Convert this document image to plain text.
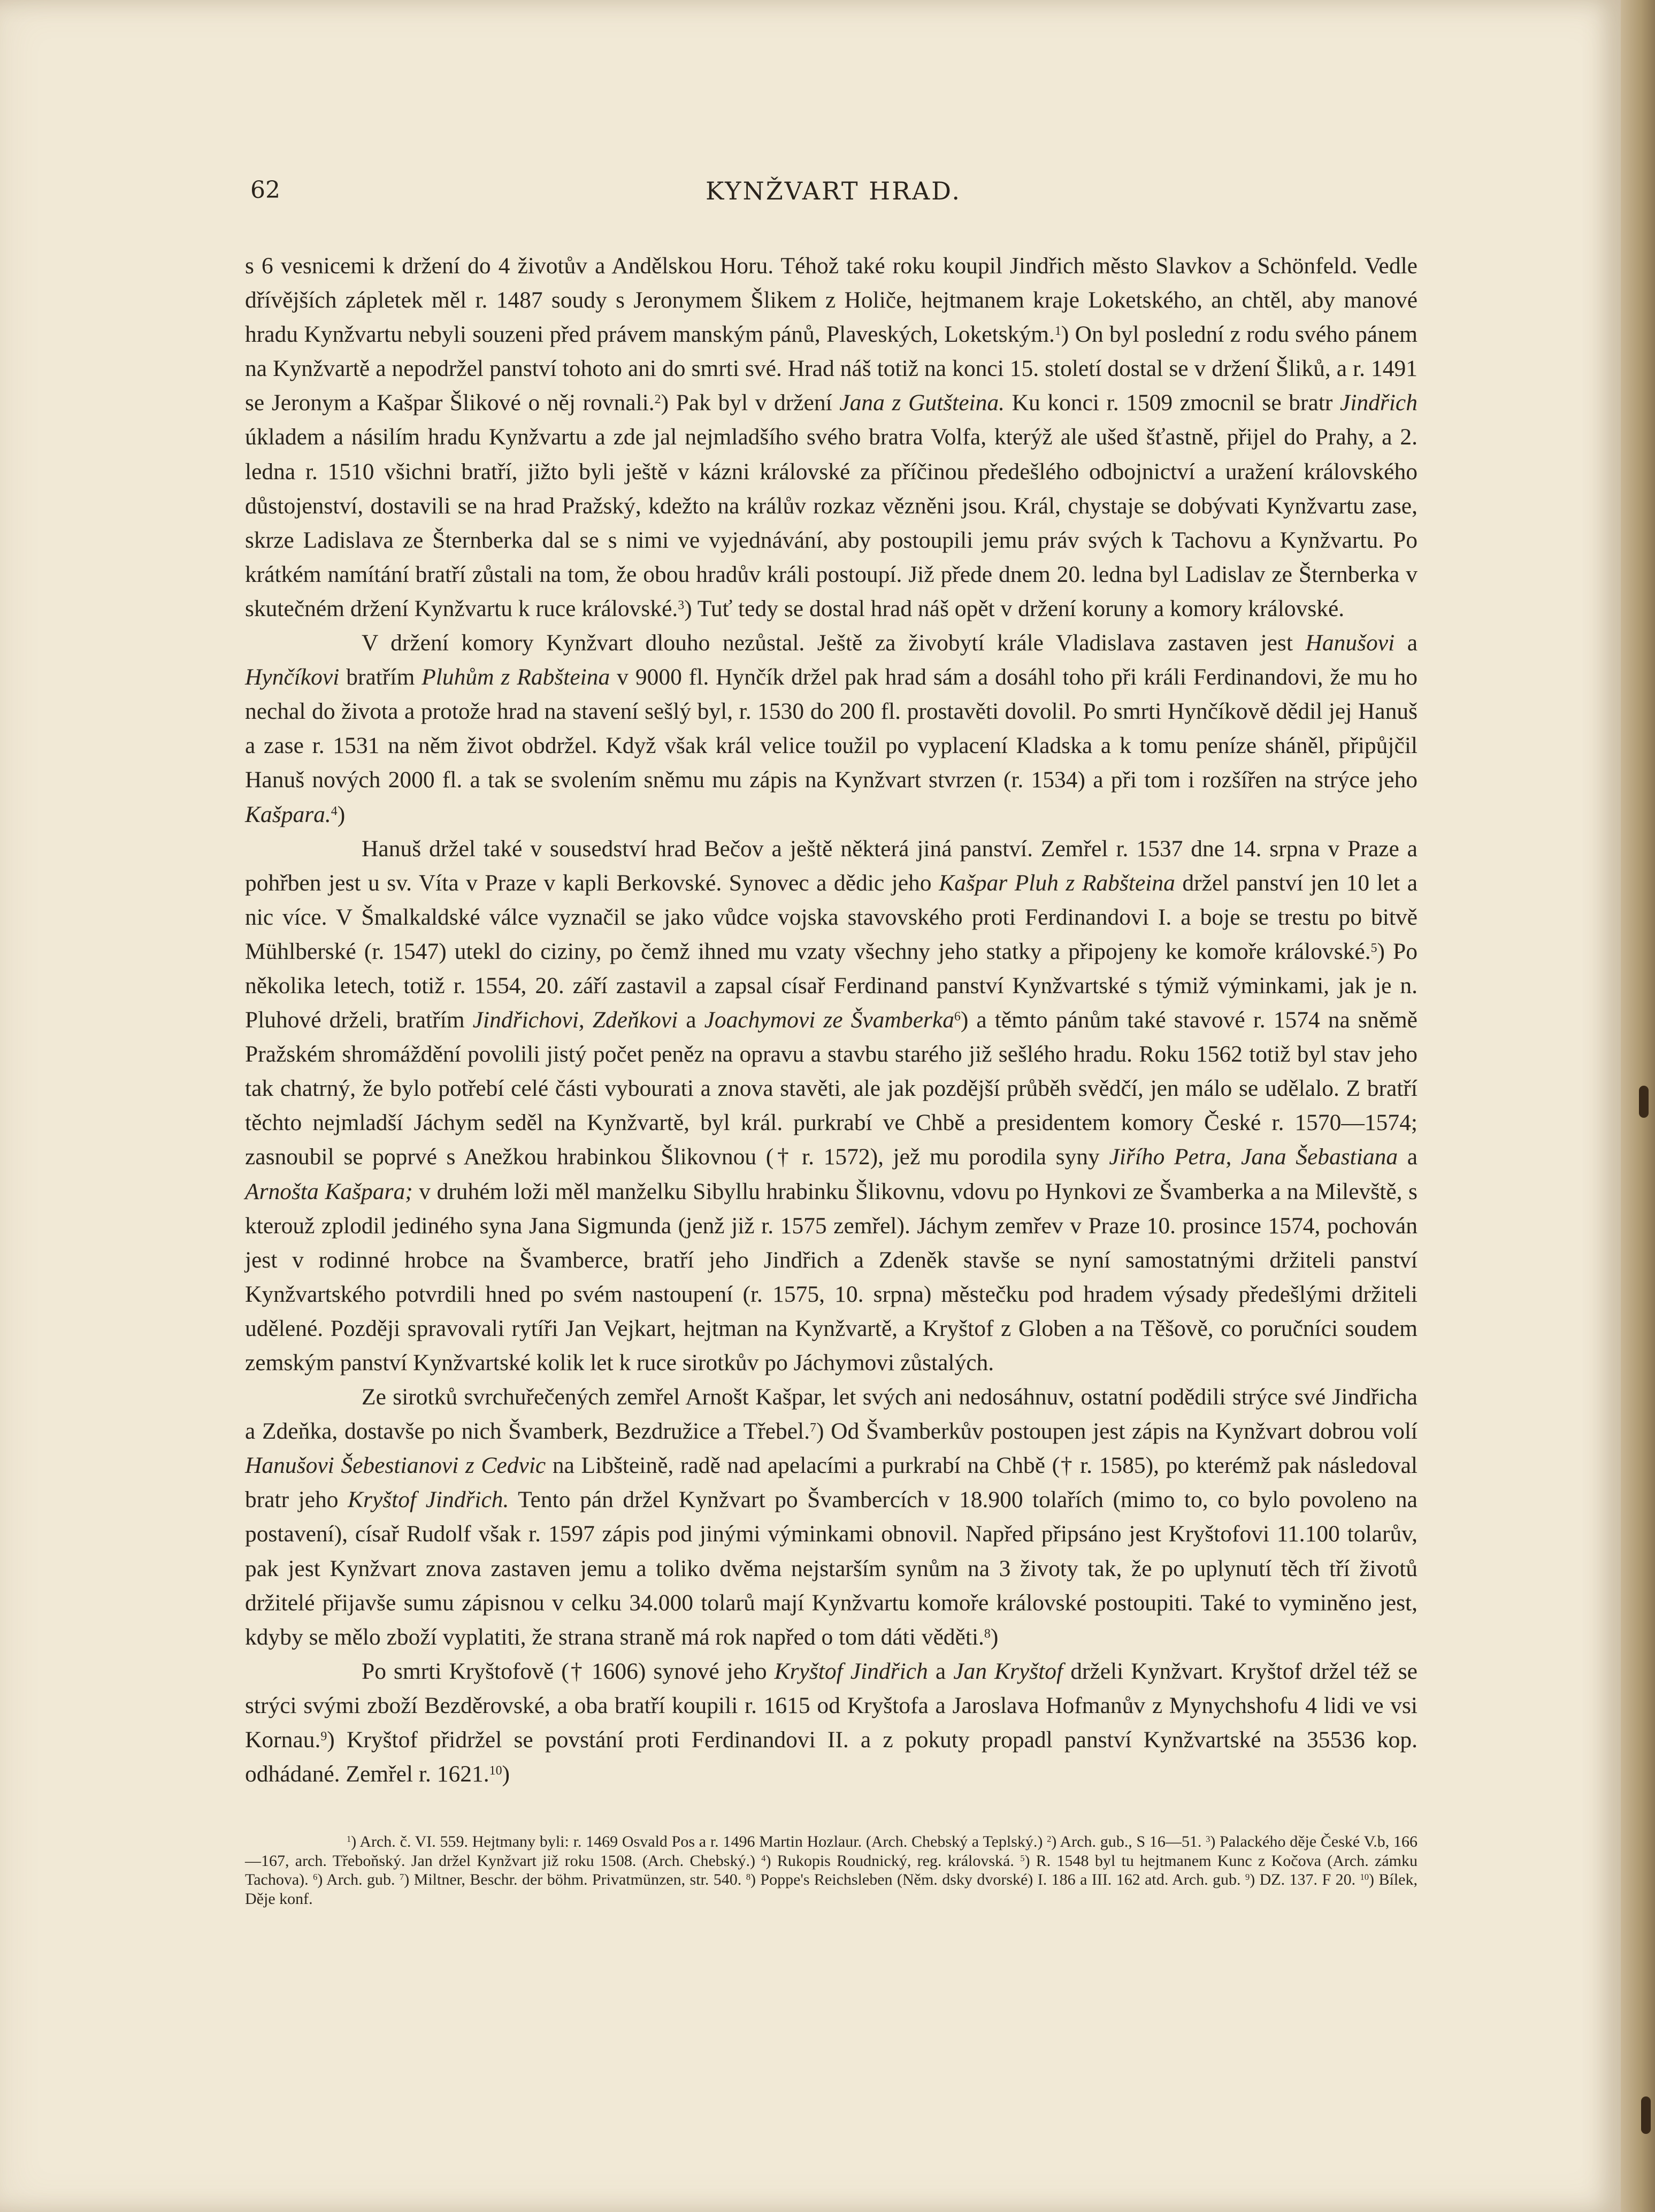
62	KYNŽVART HRAD.

s 6 vesnicemi k držení do 4 životův a Andělskou Horu. Téhož také roku koupil Jindřich město Slavkov a Schönfeld. Vedle dřívějších zápletek měl r. 1487 soudy s Jeronymem Šlikem z Holiče, hejtmanem kraje Loketského, an chtěl, aby manové hradu Kynžvartu nebyli souzeni před právem manským pánů, Plaveských, Loketským.$^1$) On byl poslední z rodu svého pánem na Kynžvartě a nepodržel panství tohoto ani do smrti své. Hrad náš totiž na konci 15. století dostal se v držení Šliků, a r. 1491 se Jeronym a Kašpar Šlikové o něj rovnali.$^2$) Pak byl v držení Jana z Gutšteina. Ku konci r. 1509 zmocnil se bratr Jindřich úkladem a násilím hradu Kynžvartu a zde jal nejmladšího svého bratra Volfa, kterýž ale ušed šťastně, přijel do Prahy, a 2. ledna r. 1510 všichni bratří, jižto byli ještě v kázni královské za příčinou předešlého odbojnictví a uražení královského důstojenství, dostavili se na hrad Pražský, kdežto na králův rozkaz vězněni jsou. Král, chystaje se dobývati Kynžvartu zase, skrze Ladislava ze Šternberka dal se s nimi ve vyjednávání, aby postoupili jemu práv svých k Tachovu a Kynžvartu. Po krátkém namítání bratří zůstali na tom, že obou hradův králi postoupí. Již přede dnem 20. ledna byl Ladislav ze Šternberka v skutečném držení Kynžvartu k ruce královské.$^3$) Tuť tedy se dostal hrad náš opět v držení koruny a komory královské.

V držení komory Kynžvart dlouho nezůstal. Ještě za živobytí krále Vladislava zastaven jest Hanušovi a Hynčíkovi bratřím Pluhům z Rabšteina v 9000 fl. Hynčík držel pak hrad sám a dosáhl toho při králi Ferdinandovi, že mu ho nechal do života a protože hrad na stavení sešlý byl, r. 1530 do 200 fl. prostavěti dovolil. Po smrti Hynčíkově dědil jej Hanuš a zase r. 1531 na něm život obdržel. Když však král velice toužil po vyplacení Kladska a k tomu peníze sháněl, připůjčil Hanuš nových 2000 fl. a tak se svolením sněmu mu zápis na Kynžvart stvrzen (r. 1534) a při tom i rozšířen na strýce jeho Kašpara.$^4$)

Hanuš držel také v sousedství hrad Bečov a ještě některá jiná panství. Zemřel r. 1537 dne 14. srpna v Praze a pohřben jest u sv. Víta v Praze v kapli Berkovské. Synovec a dědic jeho Kašpar Pluh z Rabšteina držel panství jen 10 let a nic více. V Šmalkaldské válce vyznačil se jako vůdce vojska stavovského proti Ferdinandovi I. a boje se trestu po bitvě Mühlberské (r. 1547) utekl do ciziny, po čemž ihned mu vzaty všechny jeho statky a připojeny ke komoře královské.$^5$) Po několika letech, totiž r. 1554, 20. září zastavil a zapsal císař Ferdinand panství Kynžvartské s týmiž výminkami, jak je n. Pluhové drželi, bratřím Jindřichovi, Zdeňkovi a Joachymovi ze Švamberka$^6$) a těmto pánům také stavové r. 1574 na sněmě Pražském shromáždění povolili jistý počet peněz na opravu a stavbu starého již sešlého hradu. Roku 1562 totiž byl stav jeho tak chatrný, že bylo potřebí celé části vybourati a znova stavěti, ale jak pozdější průběh svědčí, jen málo se udělalo. Z bratří těchto nejmladší Jáchym seděl na Kynžvartě, byl král. purkrabí ve Chbě a presidentem komory České r. 1570—1574; zasnoubil se poprvé s Anežkou hrabinkou Šlikovnou († r. 1572), jež mu porodila syny Jiřího Petra, Jana Šebastiana a Arnošta Kašpara; v druhém loži měl manželku Sibyllu hrabinku Šlikovnu, vdovu po Hynkovi ze Švamberka a na Milevště, s kterouž zplodil jediného syna Jana Sigmunda (jenž již r. 1575 zemřel). Jáchym zemřev v Praze 10. prosince 1574, pochován jest v rodinné hrobce na Švamberce, bratří jeho Jindřich a Zdeněk stavše se nyní samostatnými držiteli panství Kynžvartského potvrdili hned po svém nastoupení (r. 1575, 10. srpna) městečku pod hradem výsady předešlými držiteli udělené. Později spravovali rytíři Jan Vejkart, hejtman na Kynžvartě, a Kryštof z Globen a na Těšově, co poručníci soudem zemským panství Kynžvartské kolik let k ruce sirotkův po Jáchymovi zůstalých.

Ze sirotků svrchuřečených zemřel Arnošt Kašpar, let svých ani nedosáhnuv, ostatní podědili strýce své Jindřicha a Zdeňka, dostavše po nich Švamberk, Bezdružice a Třebel.$^7$) Od Švamberkův postoupen jest zápis na Kynžvart dobrou volí Hanušovi Šebestianovi z Cedvic na Libšteině, radě nad apelacími a purkrabí na Chbě († r. 1585), po kterémž pak následoval bratr jeho Kryštof Jindřich. Tento pán držel Kynžvart po Švambercích v 18.900 tolařích (mimo to, co bylo povoleno na postavení), císař Rudolf však r. 1597 zápis pod jinými výminkami obnovil. Napřed připsáno jest Kryštofovi 11.100 tolarův, pak jest Kynžvart znova zastaven jemu a toliko dvěma nejstarším synům na 3 životy tak, že po uplynutí těch tří životů držitelé přijavše sumu zápisnou v celku 34.000 tolarů mají Kynžvartu komoře královské postoupiti. Také to vyminěno jest, kdyby se mělo zboží vyplatiti, že strana straně má rok napřed o tom dáti věděti.$^8$)

Po smrti Kryštofově († 1606) synové jeho Kryštof Jindřich a Jan Kryštof drželi Kynžvart. Kryštof držel též se strýci svými zboží Bezděrovské, a oba bratří koupili r. 1615 od Kryštofa a Jaroslava Hofmanův z Mynychshofu 4 lidi ve vsi Kornau.$^9$) Kryštof přidržel se povstání proti Ferdinandovi II. a z pokuty propadl panství Kynžvartské na 35536 kop. odhádané. Zemřel r. 1621.10)

$^1$) Arch. č. VI. 559. Hejtmany byli: r. 1469 Osvald Pos a r. 1496 Martin Hozlaur. (Arch. Chebský a Teplský.) $^2$) Arch. gub., S 16—51. $^3$) Palackého děje České V.b, 166—167, arch. Třeboňský. Jan držel Kynžvart již roku 1508. (Arch. Chebský.) $^4$) Rukopis Roudnický, reg. královská. $^5$) R. 1548 byl tu hejtmanem Kunc z Kočova (Arch. zámku Tachova). $^6$) Arch. gub. $^7$) Miltner, Beschr. der böhm. Privatmünzen, str. 540. $^8$) Poppe's Reichsleben (Něm. dsky dvorské) I. 186 a III. 162 atd. Arch. gub. $^9$) DZ. 137. F 20. $^{10}$) Bílek, Děje konf.
